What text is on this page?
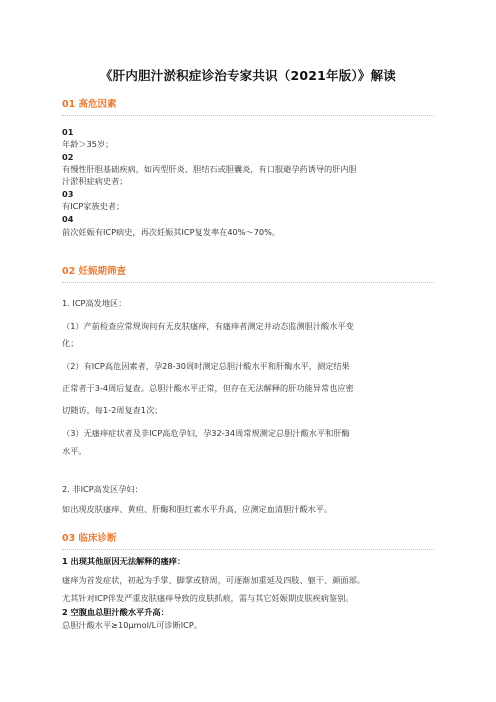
《肝内胆汁淤积症诊治专家共识（2021年版）》解读
01 高危因素
01
年龄＞35岁；
02
有慢性肝胆基础疾病，如丙型肝炎、胆结石或胆囊炎，有口服避孕药诱导的肝内胆
汁淤积症病史者；
03
有ICP家族史者；
04
前次妊娠有ICP病史，再次妊娠其ICP复发率在40%～70%。
02 妊娠期筛查
1. ICP高发地区：
（1）产前检查应常规询问有无皮肤瘙痒，有瘙痒者测定并动态监测胆汁酸水平变
化；
（2）有ICP高危因素者，孕28-30周时测定总胆汁酸水平和肝酶水平，测定结果
正常者于3-4周后复查。总胆汁酸水平正常，但存在无法解释的肝功能异常也应密
切随访，每1-2周复查1次；
（3）无瘙痒症状者及非ICP高危孕妇，孕32-34周常规测定总胆汁酸水平和肝酶
水平。
2. 非ICP高发区孕妇：
如出现皮肤瘙痒、黄疸、肝酶和胆红素水平升高，应测定血清胆汁酸水平。
03 临床诊断
1 出现其他原因无法解释的瘙痒：
瘙痒为首发症状，初起为手掌、脚掌或脐周，可逐渐加重延及四肢、躯干、颜面部。
尤其针对ICP伴发严重皮肤瘙痒导致的皮肤抓痕，需与其它妊娠期皮肤疾病鉴别。
2 空腹血总胆汁酸水平升高：
总胆汁酸水平≥10μmol/L可诊断ICP。
